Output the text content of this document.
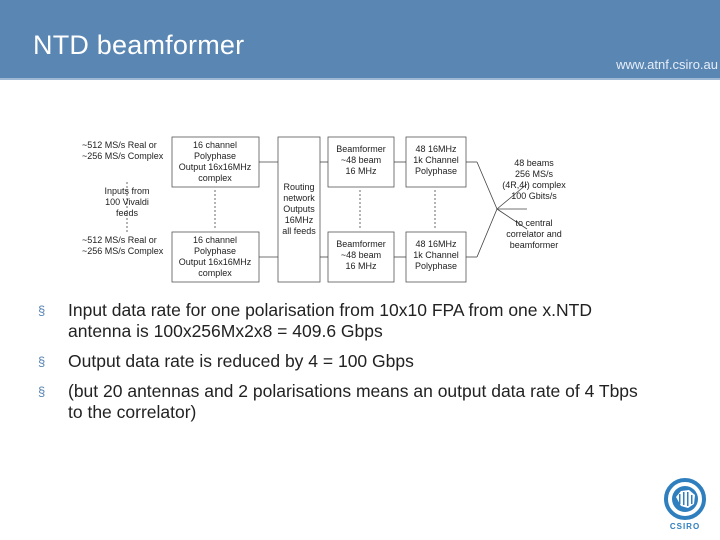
NTD beamformer
www.atnf.csiro.au
~512 MS/s Real or
~256 MS/s Complex
~512 MS/s Real or
~256 MS/s Complex
Inputs from
100 Vivaldi
feeds
16 channel
Polyphase
Output 16x16MHz
complex
16 channel
Polyphase
Output 16x16MHz
complex
Routing
network
Outputs
16MHz
all feeds
Beamformer
~48 beam
16 MHz
Beamformer
~48 beam
16 MHz
48 16MHz
1k Channel
Polyphase
48 16MHz
1k Channel
Polyphase
48 beams
256 MS/s
(4R,4I) complex
100 Gbits/s
to central
correlator and
beamformer
§ Input data rate for one polarisation from 10x10 FPA from one x.NTD antenna is 100x256Mx2x8 = 409.6 Gbps
§ Output data rate is reduced by 4 = 100 Gbps
§ (but 20 antennas and 2 polarisations means an output data rate of 4 Tbps to the correlator)
CSIRO
